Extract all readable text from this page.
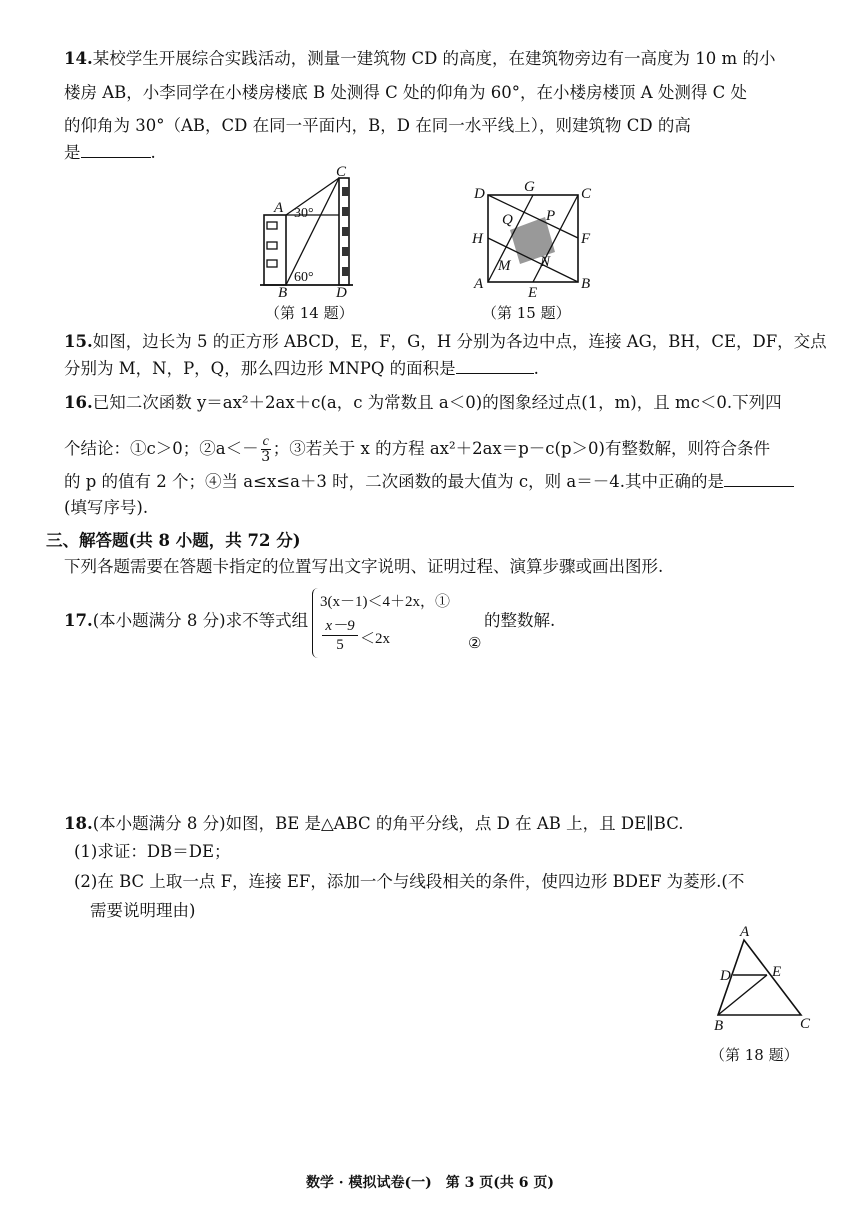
14.某校学生开展综合实践活动，测量一建筑物 CD 的高度，在建筑物旁边有一高度为 10 m 的小
楼房 AB，小李同学在小楼房楼底 B 处测得 C 处的仰角为 60°，在小楼房楼顶 A 处测得 C 处
的仰角为 30°（AB，CD 在同一平面内，B，D 在同一水平线上），则建筑物 CD 的高
是	.
C
A 30°
60°
B	D
（第 14 题）
D	G	C
Q P
H	F
M N
A	B
E
（第 15 题）
15.如图，边长为 5 的正方形 ABCD，E，F，G，H 分别为各边中点，连接 AG，BH，CE，DF，交点
分别为 M，N，P，Q，那么四边形 MNPQ 的面积是	.
16.已知二次函数 y＝ax²＋2ax＋c(a，c 为常数且 a＜0)的图象经过点(1，m)，且 mc＜0.下列四
个结论：①c＞0；②a＜－ $\frac{c}{3}$ ；③若关于 x 的方程 ax²＋2ax＝p－c(p＞0)有整数解，则符合条件
的 p 的值有 2 个；④当 a≤x≤a＋3 时，二次函数的最大值为 c，则 a＝－4.其中正确的是
(填写序号).
三、解答题(共 8 小题，共 72 分)
下列各题需要在答题卡指定的位置写出文字说明、证明过程、演算步骤或画出图形.
17.(本小题满分 8 分)求不等式组
3(x－1)＜4＋2x，①
x－9
5	＜2x	②
的整数解.
18.(本小题满分 8 分)如图，BE 是△ABC 的角平分线，点 D 在 AB 上，且 DE∥BC.
(1)求证：DB＝DE；
(2)在 BC 上取一点 F，连接 EF，添加一个与线段相关的条件，使四边形 BDEF 为菱形.(不
需要说明理由)
A
D	E
B	C
（第 18 题）
数学 · 模拟试卷(一)　第 3 页(共 6 页)
